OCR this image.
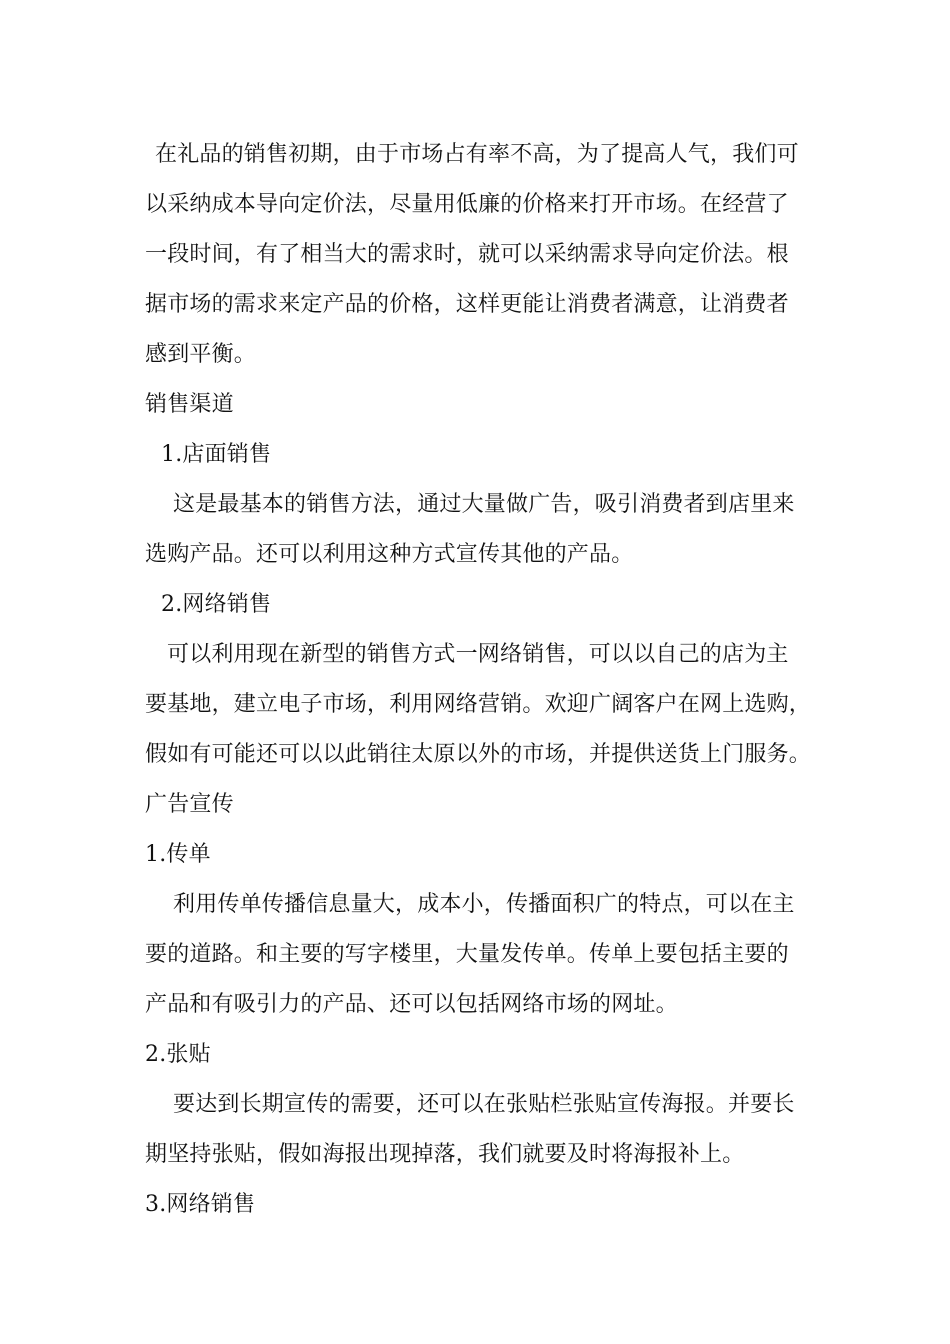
在礼品的销售初期，由于市场占有率不高，为了提高人气，我们可
以采纳成本导向定价法，尽量用低廉的价格来打开市场。在经营了
一段时间，有了相当大的需求时，就可以采纳需求导向定价法。根
据市场的需求来定产品的价格，这样更能让消费者满意，让消费者
感到平衡。
销售渠道
1.店面销售
这是最基本的销售方法，通过大量做广告，吸引消费者到店里来
选购产品。还可以利用这种方式宣传其他的产品。
2.网络销售
可以利用现在新型的销售方式一网络销售，可以以自己的店为主
要基地，建立电子市场，利用网络营销。欢迎广阔客户在网上选购，
假如有可能还可以以此销往太原以外的市场，并提供送货上门服务。
广告宣传
1.传单
利用传单传播信息量大，成本小，传播面积广的特点，可以在主
要的道路。和主要的写字楼里，大量发传单。传单上要包括主要的
产品和有吸引力的产品、还可以包括网络市场的网址。
2.张贴
要达到长期宣传的需要，还可以在张贴栏张贴宣传海报。并要长
期坚持张贴，假如海报出现掉落，我们就要及时将海报补上。
3.网络销售
